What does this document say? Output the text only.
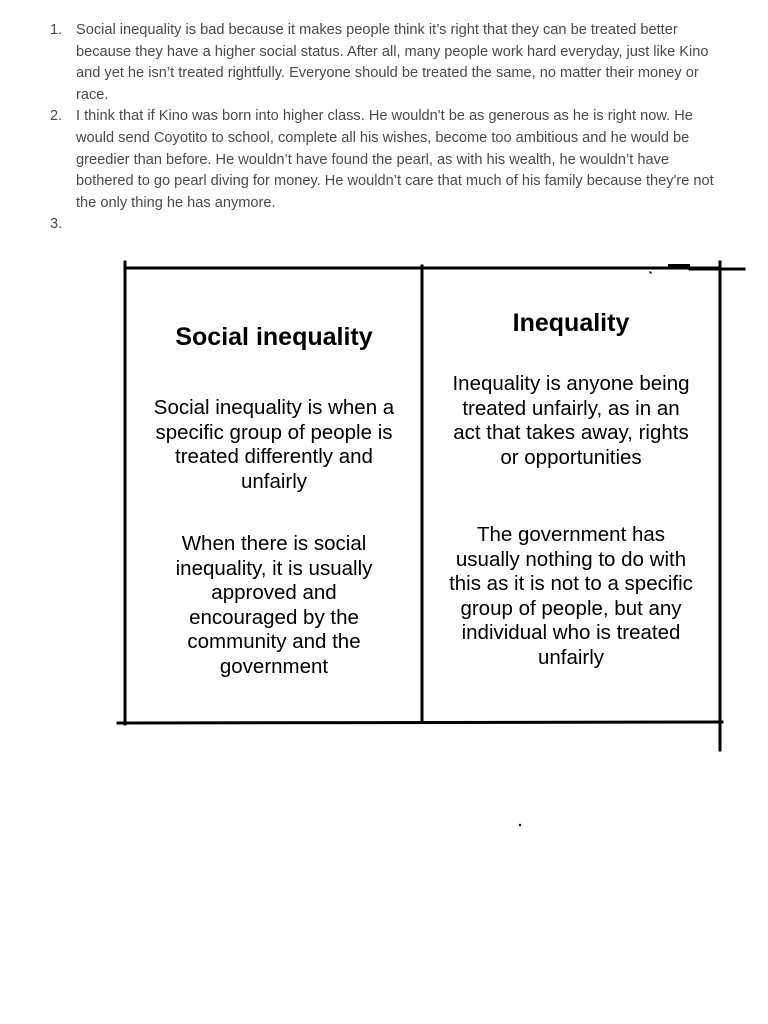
1. Social inequality is bad because it makes people think it’s right that they can be treated better because they have a higher social status. After all, many people work hard everyday, just like Kino and yet he isn’t treated rightfully. Everyone should be treated the same, no matter their money or race.
2. I think that if Kino was born into higher class. He wouldn't be as generous as he is right now. He would send Coyotito to school, complete all his wishes, become too ambitious and he would be greedier than before. He wouldn’t have found the pearl, as with his wealth, he wouldn’t have bothered to go pearl diving for money. He wouldn’t care that much of his family because they're not the only thing he has anymore.
3.

Social inequality

Social inequality is when a specific group of people is treated differently and unfairly

When there is social inequality, it is usually approved and encouraged by the community and the government

Inequality

Inequality is anyone being treated unfairly, as in an act that takes away, rights or opportunities

The government has usually nothing to do with this as it is not to a specific group of people, but any individual who is treated unfairly
